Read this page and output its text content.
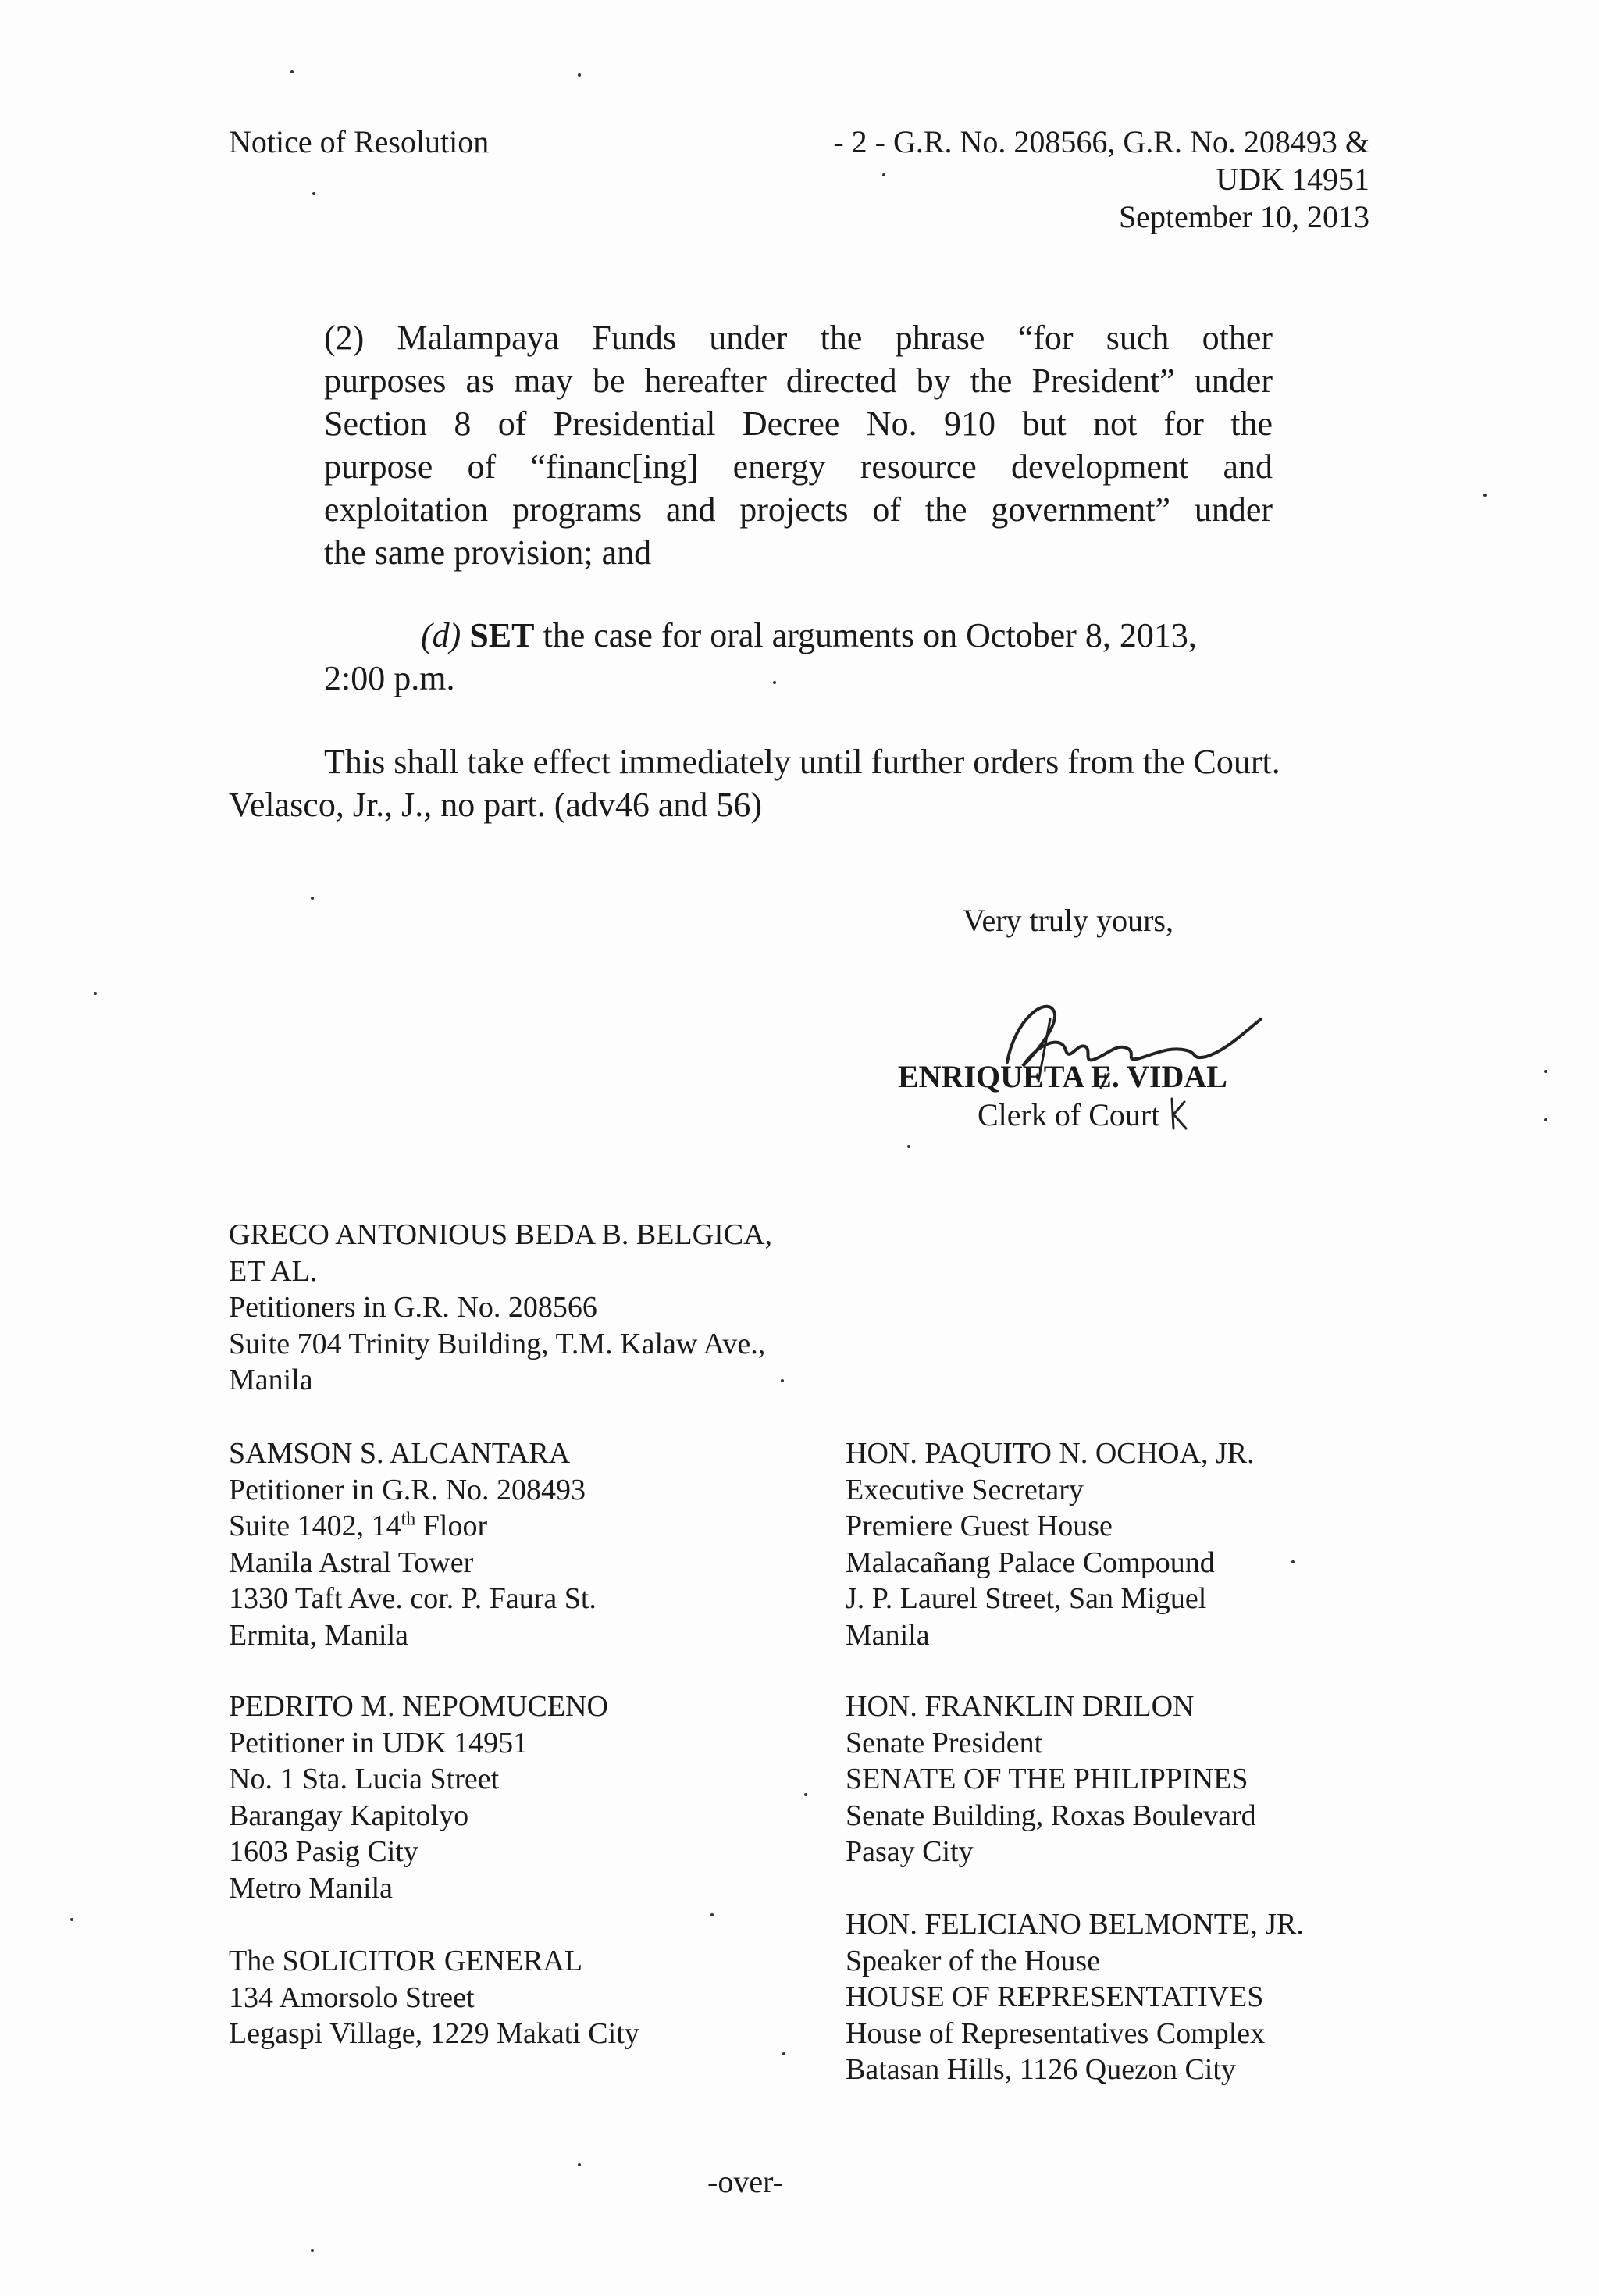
Notice of Resolution	- 2 - G.R. No. 208566, G.R. No. 208493 &
UDK 14951
September 10, 2013
(2) Malampaya Funds under the phrase “for such other
purposes as may be hereafter directed by the President” under
Section 8 of Presidential Decree No. 910 but not for the
purpose of “financ[ing] energy resource development and
exploitation programs and projects of the government” under
the same provision; and
(d) SET the case for oral arguments on October 8, 2013,
2:00 p.m.
This shall take effect immediately until further orders from the Court.
Velasco, Jr., J., no part. (adv46 and 56)
Very truly yours,
ENRIQUETA E. VIDAL
Clerk of Court
GRECO ANTONIOUS BEDA B. BELGICA,
ET AL.
Petitioners in G.R. No. 208566
Suite 704 Trinity Building, T.M. Kalaw Ave.,
Manila
SAMSON S. ALCANTARA
Petitioner in G.R. No. 208493
Suite 1402, 14th Floor
Manila Astral Tower
1330 Taft Ave. cor. P. Faura St.
Ermita, Manila
HON. PAQUITO N. OCHOA, JR.
Executive Secretary
Premiere Guest House
Malacañang Palace Compound
J. P. Laurel Street, San Miguel
Manila
PEDRITO M. NEPOMUCENO
Petitioner in UDK 14951
No. 1 Sta. Lucia Street
Barangay Kapitolyo
1603 Pasig City
Metro Manila
HON. FRANKLIN DRILON
Senate President
SENATE OF THE PHILIPPINES
Senate Building, Roxas Boulevard
Pasay City
The SOLICITOR GENERAL
134 Amorsolo Street
Legaspi Village, 1229 Makati City
HON. FELICIANO BELMONTE, JR.
Speaker of the House
HOUSE OF REPRESENTATIVES
House of Representatives Complex
Batasan Hills, 1126 Quezon City
-over-
